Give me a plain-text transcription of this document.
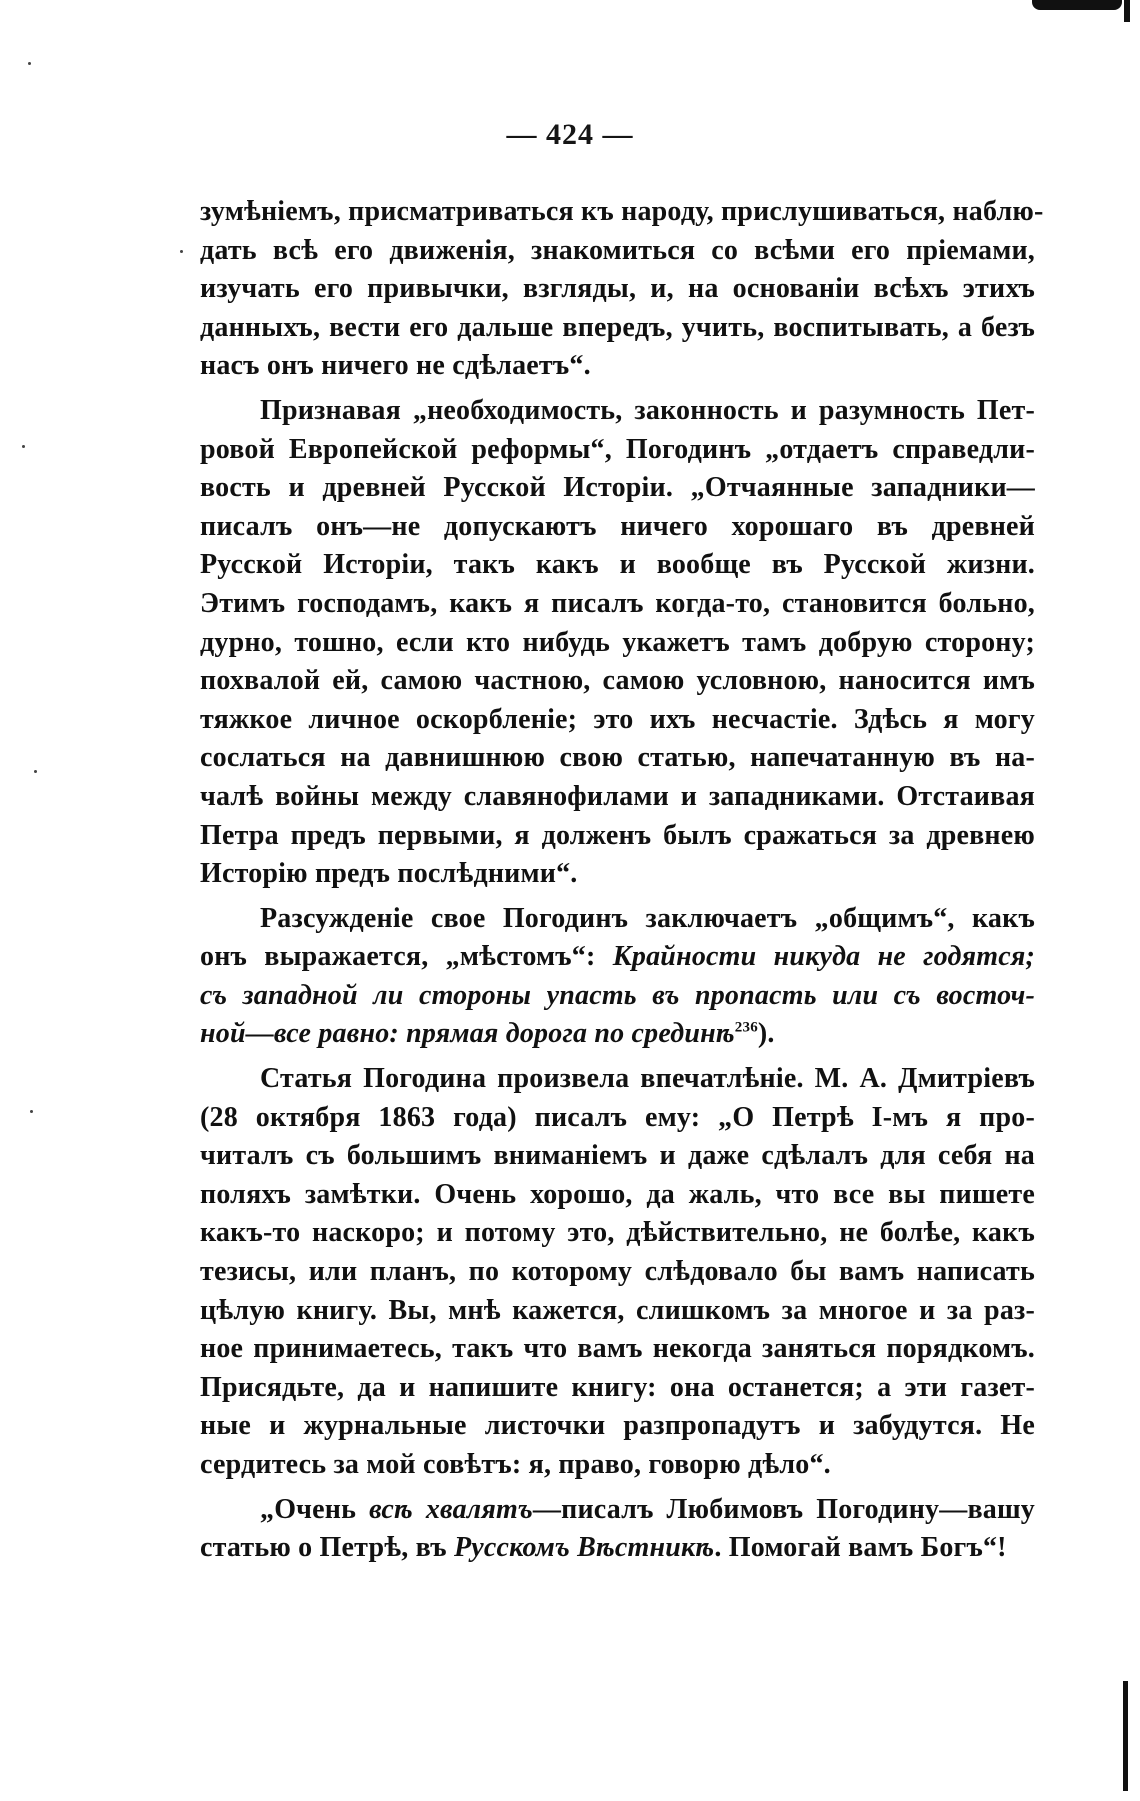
— 424 —
зумѣніемъ, присматриваться къ народу, прислушиваться, наблю-
дать всѣ его движенія, знакомиться со всѣми его пріемами,
изучать его привычки, взгляды, и, на основаніи всѣхъ этихъ
данныхъ, вести его дальше впередъ, учить, воспитывать, а безъ
насъ онъ ничего не сдѣлаетъ“.
Признавая „необходимость, законность и разумность Пет-
ровой Европейской реформы“, Погодинъ „отдаетъ справедли-
вость и древней Русской Исторіи. „Отчаянные западники—
писалъ онъ—не допускаютъ ничего хорошаго въ древней
Русской Исторіи, такъ какъ и вообще въ Русской жизни.
Этимъ господамъ, какъ я писалъ когда-то, становится больно,
дурно, тошно, если кто нибудь укажетъ тамъ добрую сторону;
похвалой ей, самою частною, самою условною, наносится имъ
тяжкое личное оскорбленіе; это ихъ несчастіе. Здѣсь я могу
сослаться на давнишнюю свою статью, напечатанную въ на-
чалѣ войны между славянофилами и западниками. Отстаивая
Петра предъ первыми, я долженъ былъ сражаться за древнею
Исторію предъ послѣдними“.
Разсужденіе свое Погодинъ заключаетъ „общимъ“, какъ
онъ выражается, „мѣстомъ“: Крайности никуда не годятся;
съ западной ли стороны упасть въ пропасть или съ восточ-
ной—все равно: прямая дорога по срединѣ$^{236}$).
Статья Погодина произвела впечатлѣніе. М. А. Дмитріевъ
(28 октября 1863 года) писалъ ему: „О Петрѣ I-мъ я про-
читалъ съ большимъ вниманіемъ и даже сдѣлалъ для себя на
поляхъ замѣтки. Очень хорошо, да жаль, что все вы пишете
какъ-то наскоро; и потому это, дѣйствительно, не болѣе, какъ
тезисы, или планъ, по которому слѣдовало бы вамъ написать
цѣлую книгу. Вы, мнѣ кажется, слишкомъ за многое и за раз-
ное принимаетесь, такъ что вамъ некогда заняться порядкомъ.
Присядьте, да и напишите книгу: она останется; а эти газет-
ные и журнальные листочки разпропадутъ и забудутся. Не
сердитесь за мой совѣтъ: я, право, говорю дѣло“.
„Очень всѣ хвалятъ—писалъ Любимовъ Погодину—вашу
статью о Петрѣ, въ Русскомъ Вѣстникѣ. Помогай вамъ Богъ“!
